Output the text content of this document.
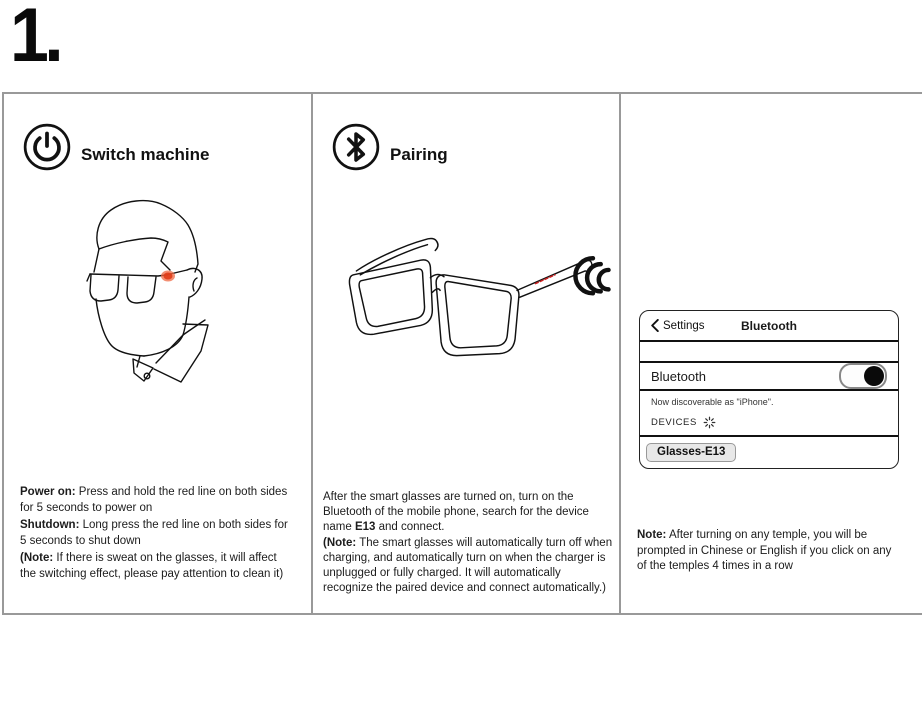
1.
Switch machine

Power on: Press and hold the red line on both sides for 5 seconds to power on

Shutdown: Long press the red line on both sides for 5 seconds to shut down

(Note: If there is sweat on the glasses, it will affect the switching effect, please pay attention to clean it)

Pairing

After the smart glasses are turned on, turn on the Bluetooth of the mobile phone, search for the device name E13 and connect.

(Note: The smart glasses will automatically turn off when charging, and automatically turn on when the charger is unplugged or fully charged. It will automatically recognize the paired device and connect automatically.)

Settings	Bluetooth
Bluetooth
Now discoverable as "iPhone".
DEVICES
Glasses-E13

Note: After turning on any temple, you will be prompted in Chinese or English if you click on any of the temples 4 times in a row
